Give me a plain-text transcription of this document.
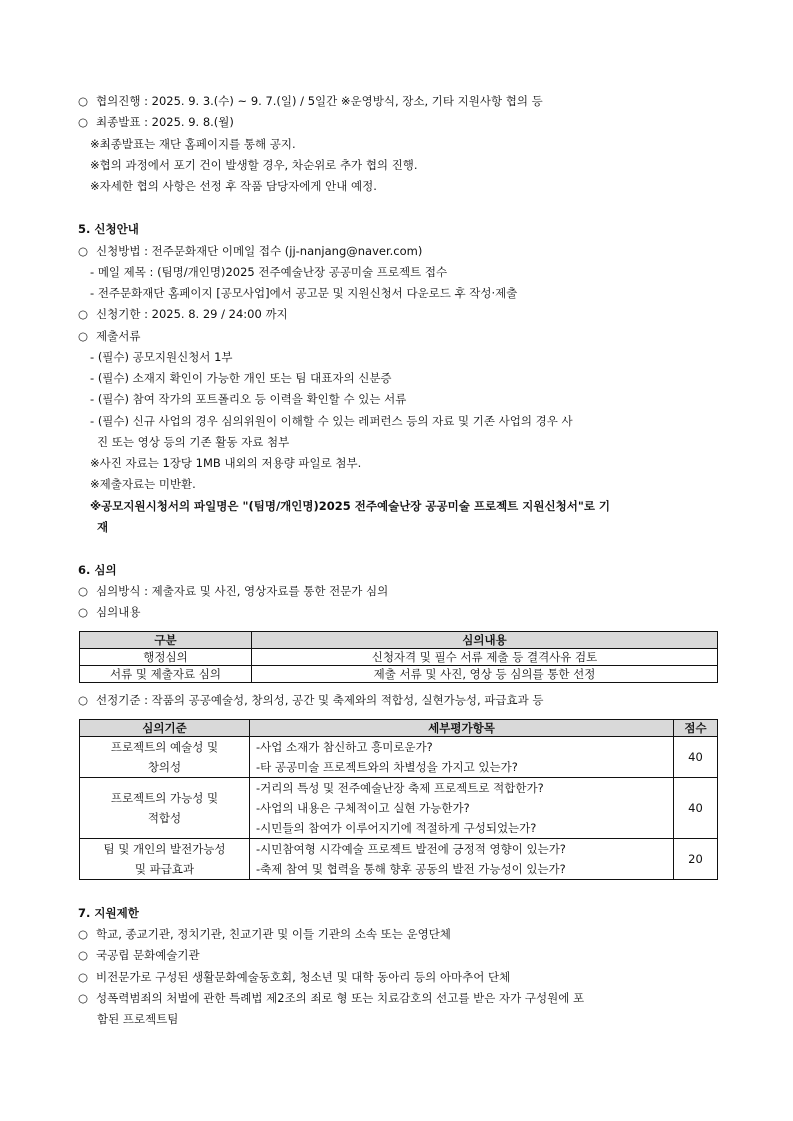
○ 협의진행 : 2025. 9. 3.(수) ~ 9. 7.(일) / 5일간 ※운영방식, 장소, 기타 지원사항 협의 등
○ 최종발표 : 2025. 9. 8.(월)
※최종발표는 재단 홈페이지를 통해 공지.
※협의 과정에서 포기 건이 발생할 경우, 차순위로 추가 협의 진행.
※자세한 협의 사항은 선정 후 작품 담당자에게 안내 예정.
5. 신청안내
○ 신청방법 : 전주문화재단 이메일 접수 (jj-nanjang@naver.com)
- 메일 제목 : (팀명/개인명)2025 전주예술난장 공공미술 프로젝트 접수
- 전주문화재단 홈페이지 [공모사업]에서 공고문 및 지원신청서 다운로드 후 작성·제출
○ 신청기한 : 2025. 8. 29 / 24:00 까지
○ 제출서류
- (필수) 공모지원신청서 1부
- (필수) 소재지 확인이 가능한 개인 또는 팀 대표자의 신분증
- (필수) 참여 작가의 포트폴리오 등 이력을 확인할 수 있는 서류
- (필수) 신규 사업의 경우 심의위원이 이해할 수 있는 레퍼런스 등의 자료 및 기존 사업의 경우 사
진 또는 영상 등의 기존 활동 자료 첨부
※사진 자료는 1장당 1MB 내외의 저용량 파일로 첨부.
※제출자료는 미반환.
※공모지원시청서의 파일명은 "(팀명/개인명)2025 전주예술난장 공공미술 프로젝트 지원신청서"로 기
재
6. 심의
○ 심의방식 : 제출자료 및 사진, 영상자료를 통한 전문가 심의
○ 심의내용
구분	심의내용
행정심의	신청자격 및 필수 서류 제출 등 결격사유 검토
서류 및 제출자료 심의	제출 서류 및 사진, 영상 등 심의를 통한 선정
○ 선정기준 : 작품의 공공예술성, 창의성, 공간 및 축제와의 적합성, 실현가능성, 파급효과 등
심의기준	세부평가항목	점수
프로젝트의 예술성 및
창의성	-사업 소재가 참신하고 흥미로운가?
-타 공공미술 프로젝트와의 차별성을 가지고 있는가?	40
프로젝트의 가능성 및
적합성	-거리의 특성 및 전주예술난장 축제 프로젝트로 적합한가?
-사업의 내용은 구체적이고 실현 가능한가?
-시민들의 참여가 이루어지기에 적절하게 구성되었는가?	40
팀 및 개인의 발전가능성
및 파급효과	-시민참여형 시각예술 프로젝트 발전에 긍정적 영향이 있는가?
-축제 참여 및 협력을 통해 향후 공동의 발전 가능성이 있는가?	20
7. 지원제한
○ 학교, 종교기관, 정치기관, 친교기관 및 이들 기관의 소속 또는 운영단체
○ 국공립 문화예술기관
○ 비전문가로 구성된 생활문화예술동호회, 청소년 및 대학 동아리 등의 아마추어 단체
○ 성폭력범죄의 처벌에 관한 특례법 제2조의 죄로 형 또는 치료감호의 선고를 받은 자가 구성원에 포
함된 프로젝트팀
